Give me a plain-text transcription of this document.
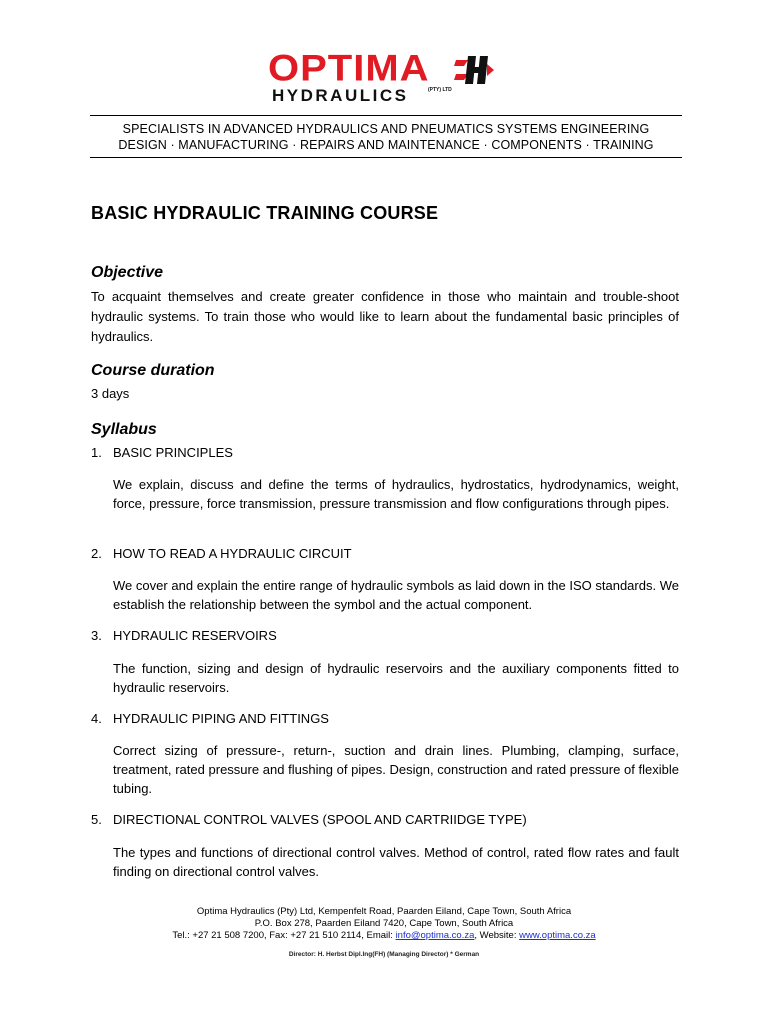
OPTIMA
HYDRAULICS	(PTY) LTD
SPECIALISTS IN ADVANCED HYDRAULICS AND PNEUMATICS SYSTEMS ENGINEERING
DESIGN · MANUFACTURING · REPAIRS AND MAINTENANCE · COMPONENTS · TRAINING
BASIC HYDRAULIC TRAINING COURSE
Objective
To acquaint themselves and create greater confidence in those who maintain and trouble-shoot hydraulic systems. To train those who would like to learn about the fundamental basic principles of hydraulics.
Course duration
3 days
Syllabus
1. BASIC PRINCIPLES
We explain, discuss and define the terms of hydraulics, hydrostatics, hydrodynamics, weight, force, pressure, force transmission, pressure transmission and flow configurations through pipes.
2. HOW TO READ A HYDRAULIC CIRCUIT
We cover and explain the entire range of hydraulic symbols as laid down in the ISO standards. We establish the relationship between the symbol and the actual component.
3. HYDRAULIC RESERVOIRS
The function, sizing and design of hydraulic reservoirs and the auxiliary components fitted to hydraulic reservoirs.
4. HYDRAULIC PIPING AND FITTINGS
Correct sizing of pressure-, return-, suction and drain lines. Plumbing, clamping, surface, treatment, rated pressure and flushing of pipes. Design, construction and rated pressure of flexible tubing.
5. DIRECTIONAL CONTROL VALVES (SPOOL AND CARTRIIDGE TYPE)
The types and functions of directional control valves. Method of control, rated flow rates and fault finding on directional control valves.
Optima Hydraulics (Pty) Ltd, Kempenfelt Road, Paarden Eiland, Cape Town, South Africa
P.O. Box 278, Paarden Eiland 7420, Cape Town, South Africa
Tel.: +27 21 508 7200, Fax: +27 21 510 2114, Email: info@optima.co.za, Website: www.optima.co.za
Director: H. Herbst Dipl.Ing(FH) (Managing Director) * German
